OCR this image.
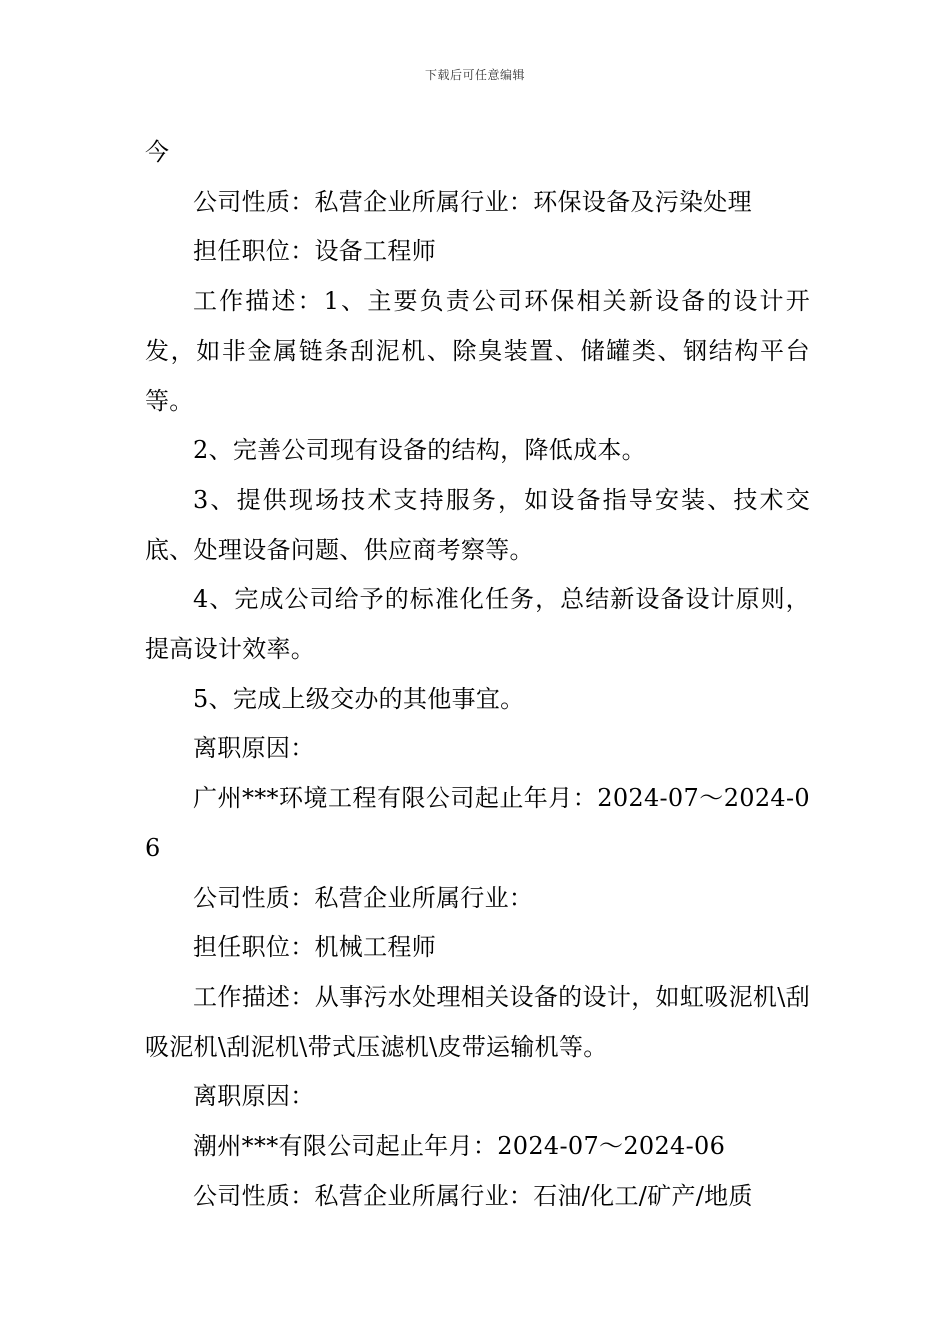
下载后可任意编辑

今

公司性质：私营企业所属行业：环保设备及污染处理

担任职位：设备工程师

工作描述：1、主要负责公司环保相关新设备的设计开发，如非金属链条刮泥机、除臭装置、储罐类、钢结构平台等。

2、完善公司现有设备的结构，降低成本。

3、提供现场技术支持服务，如设备指导安装、技术交底、处理设备问题、供应商考察等。

4、完成公司给予的标准化任务，总结新设备设计原则，提高设计效率。

5、完成上级交办的其他事宜。

离职原因：

广州***环境工程有限公司起止年月：2024-07～2024-06

公司性质：私营企业所属行业：

担任职位：机械工程师

工作描述：从事污水处理相关设备的设计，如虹吸泥机\刮吸泥机\刮泥机\带式压滤机\皮带运输机等。

离职原因：

潮州***有限公司起止年月：2024-07～2024-06

公司性质：私营企业所属行业：石油/化工/矿产/地质
